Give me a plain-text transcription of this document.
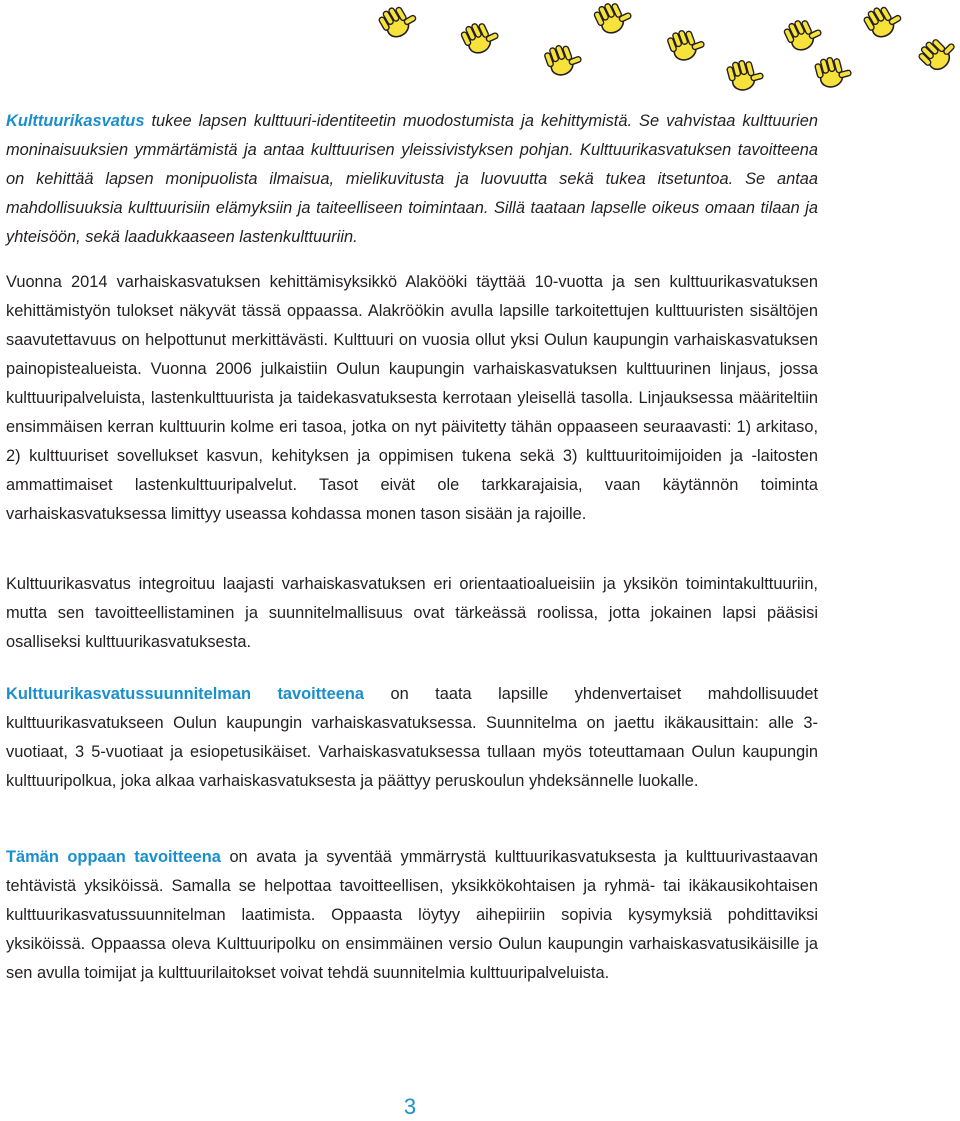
Kulttuurikasvatus tukee lapsen kulttuuri-identiteetin muodostumista ja kehittymistä. Se vahvistaa kulttuurien moninaisuuksien ymmärtämistä ja antaa kulttuurisen yleissivistyksen pohjan. Kulttuurikasvatuksen tavoitteena on kehittää lapsen monipuolista ilmaisua, mielikuvitusta ja luovuutta sekä tukea itsetuntoa. Se antaa mahdollisuuksia kulttuurisiin elämyksiin ja taiteelliseen toimintaan. Sillä taataan lapselle oikeus omaan tilaan ja yhteisöön, sekä laadukkaaseen lastenkulttuuriin.

Vuonna 2014 varhaiskasvatuksen kehittämisyksikkö Alakööki täyttää 10-vuotta ja sen kulttuurikasvatuksen kehittämistyön tulokset näkyvät tässä oppaassa. Alakröökin avulla lapsille tarkoitettujen kulttuuristen sisältöjen saavutettavuus on helpottunut merkittävästi. Kulttuuri on vuosia ollut yksi Oulun kaupungin varhaiskasvatuksen painopistealueista. Vuonna 2006 julkaistiin Oulun kaupungin varhaiskasvatuksen kulttuurinen linjaus, jossa kulttuuripalveluista, lastenkulttuurista ja taidekasvatuksesta kerrotaan yleisellä tasolla. Linjauksessa määriteltiin ensimmäisen kerran kulttuurin kolme eri tasoa, jotka on nyt päivitetty tähän oppaaseen seuraavasti: 1) arkitaso, 2) kulttuuriset sovellukset kasvun, kehityksen ja oppimisen tukena sekä 3) kulttuuritoimijoiden ja -laitosten ammattimaiset lastenkulttuuripalvelut. Tasot eivät ole tarkkarajaisia, vaan käytännön toiminta varhaiskasvatuksessa limittyy useassa kohdassa monen tason sisään ja rajoille.

Kulttuurikasvatus integroituu laajasti varhaiskasvatuksen eri orientaatioalueisiin ja yksikön toimintakulttuuriin, mutta sen tavoitteellistaminen ja suunnitelmallisuus ovat tärkeässä roolissa, jotta jokainen lapsi pääsisi osalliseksi kulttuurikasvatuksesta.

Kulttuurikasvatussuunnitelman tavoitteena on taata lapsille yhdenvertaiset mahdollisuudet kulttuurikasvatukseen Oulun kaupungin varhaiskasvatuksessa. Suunnitelma on jaettu ikäkausittain: alle 3-vuotiaat, 3 5-vuotiaat ja esiopetusikäiset. Varhaiskasvatuksessa tullaan myös toteuttamaan Oulun kaupungin kulttuuripolkua, joka alkaa varhaiskasvatuksesta ja päättyy peruskoulun yhdeksännelle luokalle.

Tämän oppaan tavoitteena on avata ja syventää ymmärrystä kulttuurikasvatuksesta ja kulttuurivastaavan tehtävistä yksiköissä. Samalla se helpottaa tavoitteellisen, yksikkökohtaisen ja ryhmä- tai ikäkausikohtaisen kulttuurikasvatussuunnitelman laatimista. Oppaasta löytyy aihepiiriin sopivia kysymyksiä pohdittaviksi yksiköissä. Oppaassa oleva Kulttuuripolku on ensimmäinen versio Oulun kaupungin varhaiskasvatusikäisille ja sen avulla toimijat ja kulttuurilaitokset voivat tehdä suunnitelmia kulttuuripalveluista.

3
